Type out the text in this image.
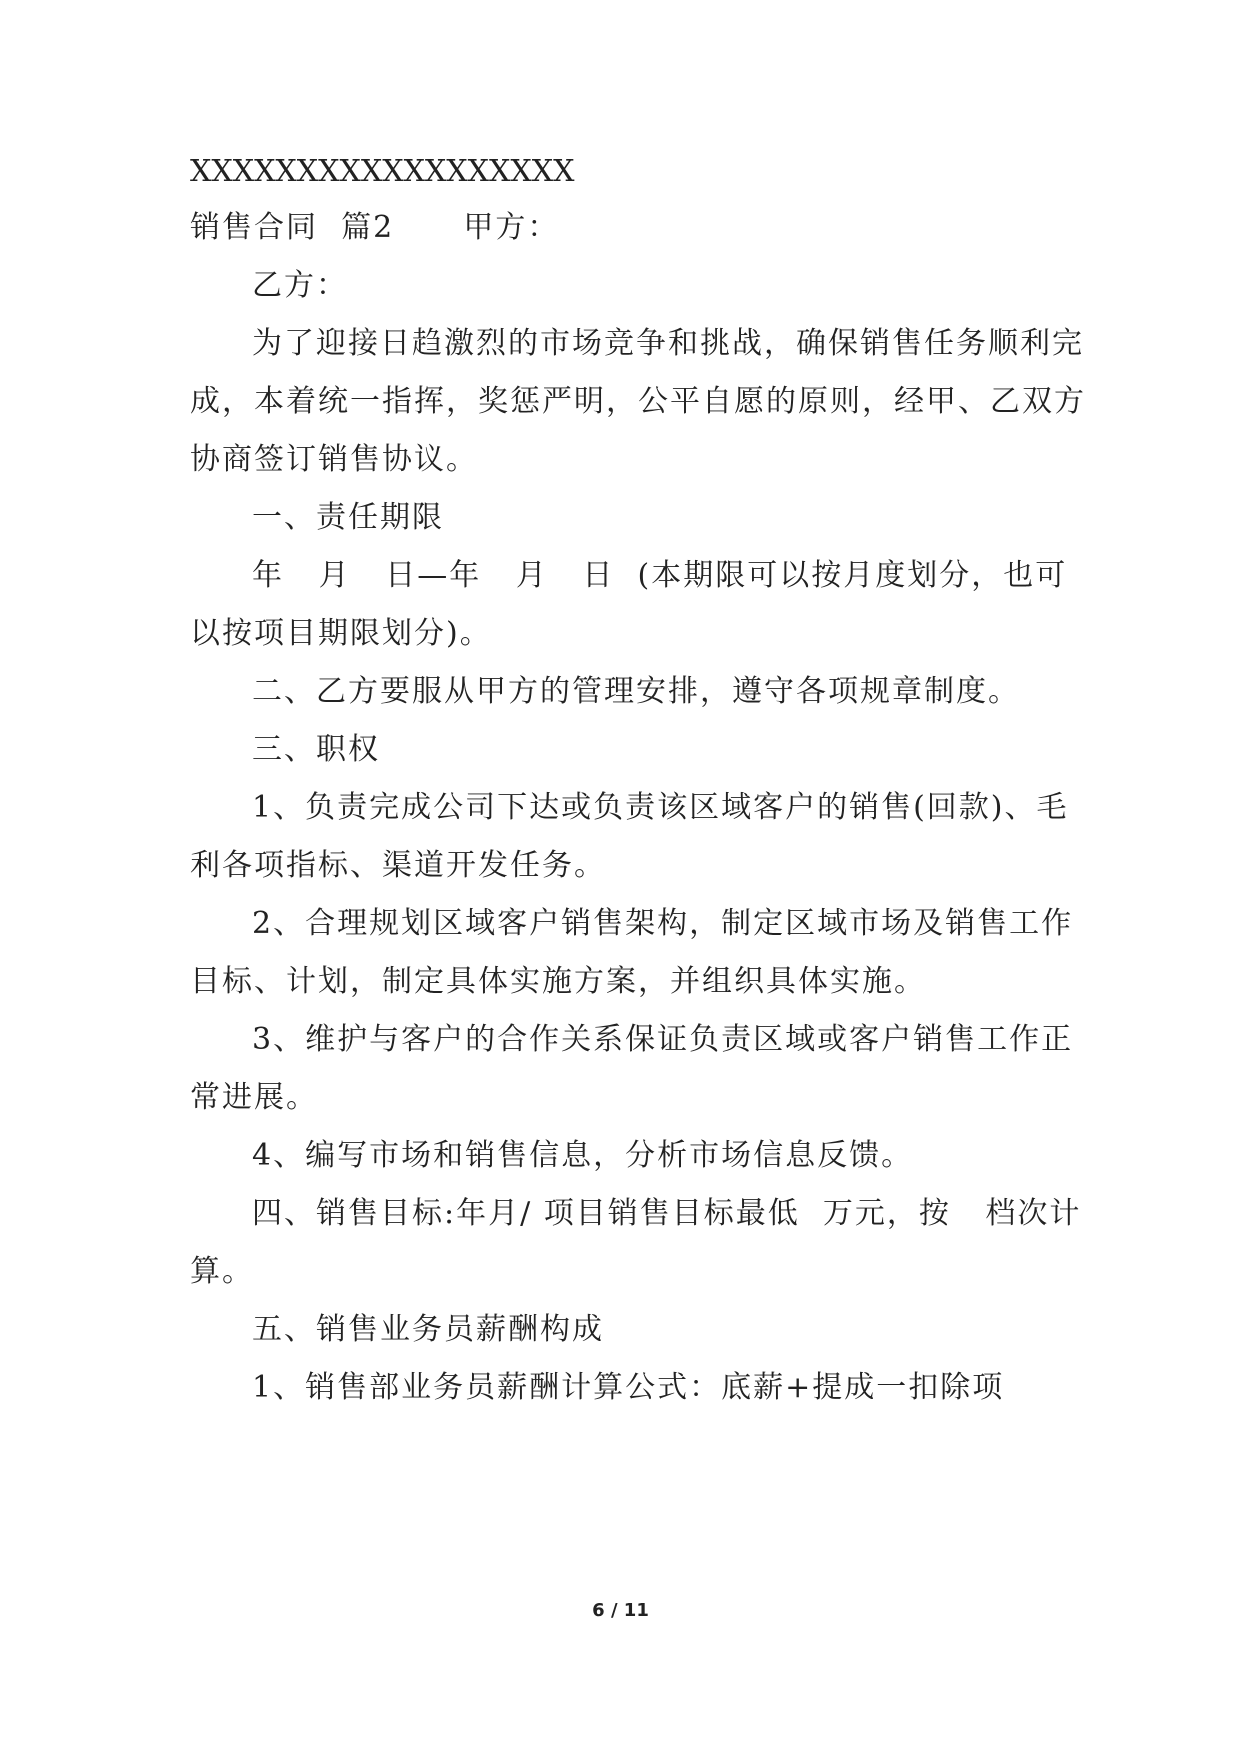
XXXXXXXXXXXXXXXXXX
销售合同  篇2      甲方：
乙方：
为了迎接日趋激烈的市场竞争和挑战，确保销售任务顺利完
成，本着统一指挥，奖惩严明，公平自愿的原则，经甲、乙双方
协商签订销售协议。
一、责任期限
年   月   日—年   月   日  (本期限可以按月度划分，也可
以按项目期限划分)。
二、乙方要服从甲方的管理安排，遵守各项规章制度。
三、职权
1、负责完成公司下达或负责该区域客户的销售(回款)、毛
利各项指标、渠道开发任务。
2、合理规划区域客户销售架构，制定区域市场及销售工作
目标、计划，制定具体实施方案，并组织具体实施。
3、维护与客户的合作关系保证负责区域或客户销售工作正
常进展。
4、编写市场和销售信息，分析市场信息反馈。
四、销售目标:年月/ 项目销售目标最低  万元，按   档次计
算。
五、销售业务员薪酬构成
1、销售部业务员薪酬计算公式：底薪+提成一扣除项
6 / 11
